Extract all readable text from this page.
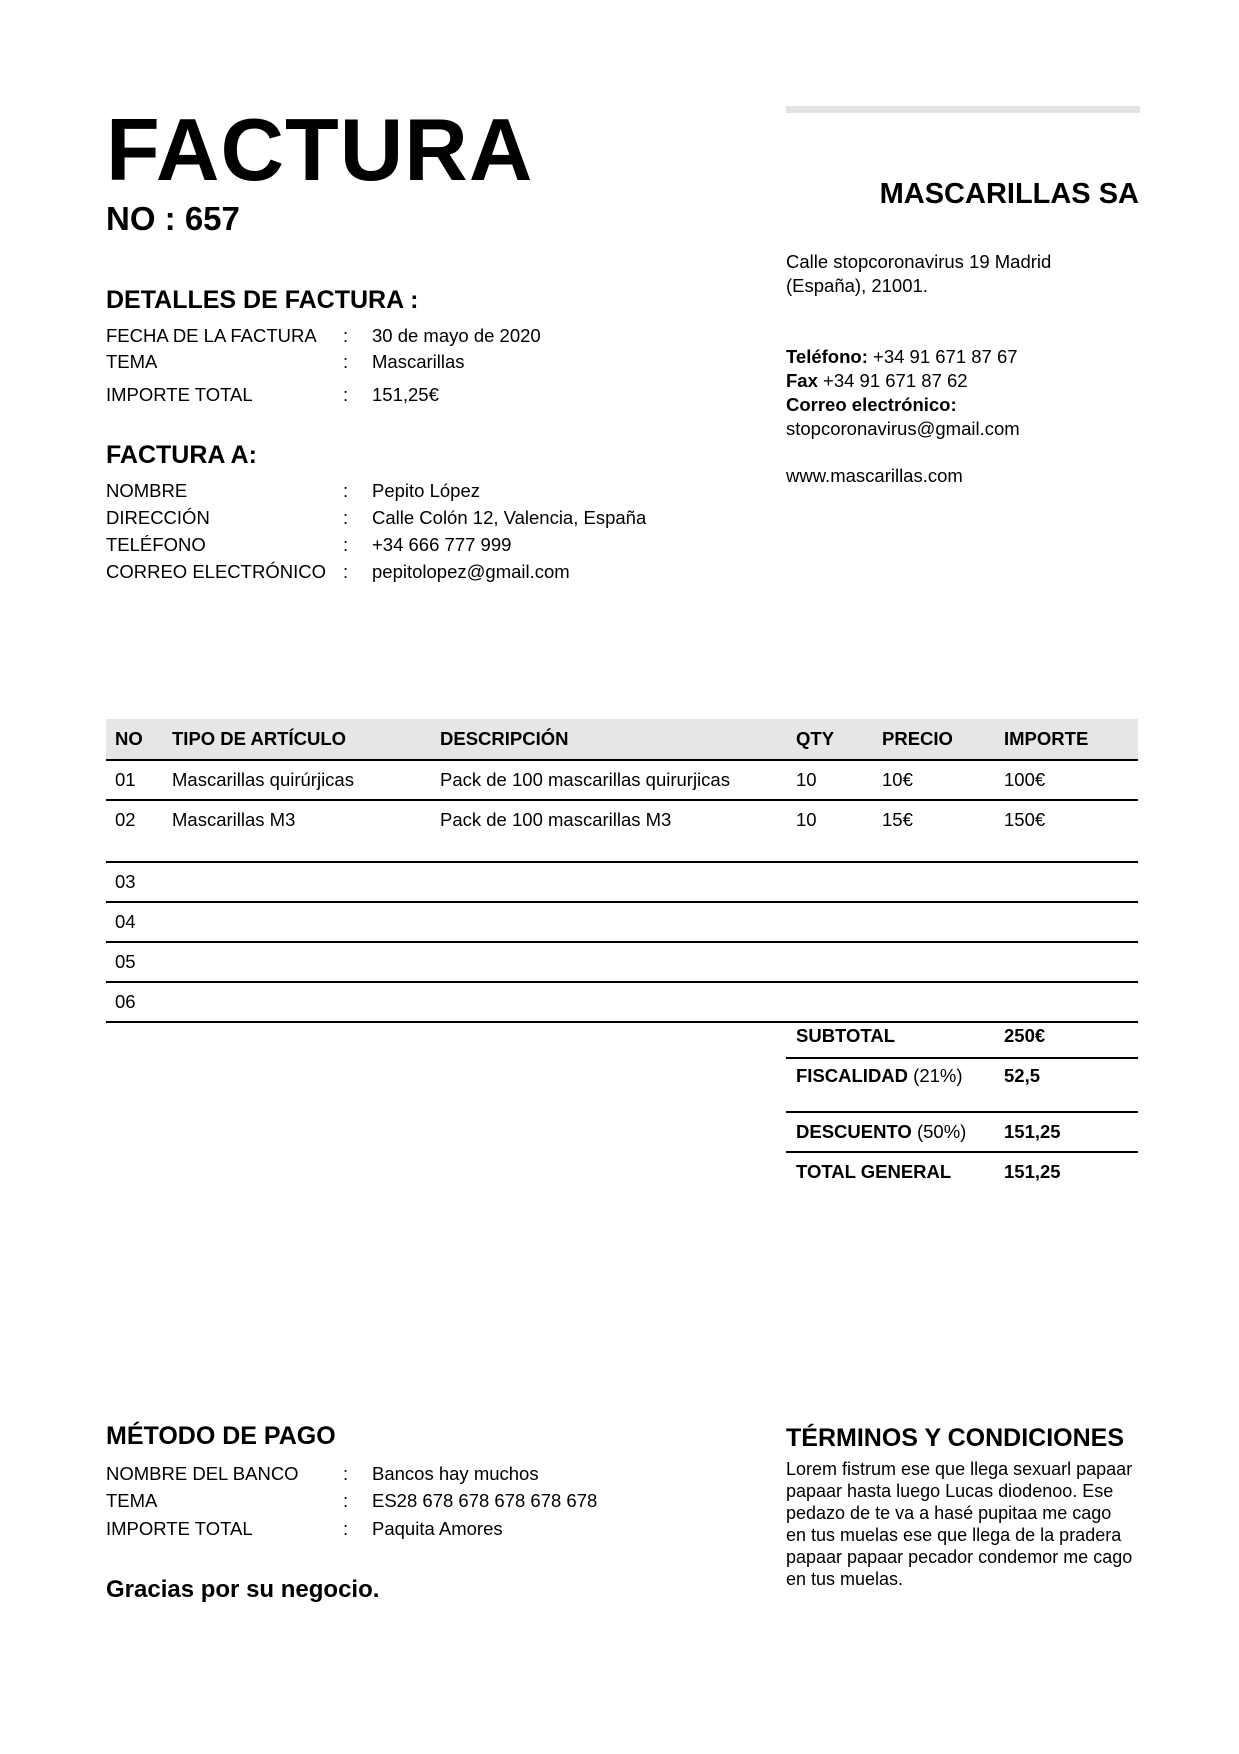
FACTURA
NO : 657
MASCARILLAS SA
Calle stopcoronavirus 19 Madrid
(España), 21001.
Teléfono: +34 91 671 87 67
Fax +34 91 671 87 62
Correo electrónico:
stopcoronavirus@gmail.com
www.mascarillas.com
DETALLES DE FACTURA :
FECHA DE LA FACTURA : 30 de mayo de 2020
TEMA	: Mascarillas
IMPORTE TOTAL	: 151,25€
FACTURA A:
NOMBRE	: Pepito López
DIRECCIÓN	: Calle Colón 12, Valencia, España
TELÉFONO	: +34 666 777 999
CORREO ELECTRÓNICO : pepitolopez@gmail.com
NO	TIPO DE ARTÍCULO	DESCRIPCIÓN	QTY	PRECIO	IMPORTE
01	Mascarillas quirúrjicas	Pack de 100 mascarillas quirurjicas	10	10€	100€
02	Mascarillas M3	Pack de 100 mascarillas M3	10	15€	150€
03					
04					
05					
06					
SUBTOTAL	250€
FISCALIDAD (21%) 52,5
DESCUENTO (50%) 151,25
TOTAL GENERAL	151,25
MÉTODO DE PAGO
NOMBRE DEL BANCO : Bancos hay muchos
TEMA	: ES28 678 678 678 678 678
IMPORTE TOTAL	: Paquita Amores
Gracias por su negocio.
TÉRMINOS Y CONDICIONES
Lorem fistrum ese que llega sexuarl papaar papaar hasta luego Lucas diodenoo. Ese pedazo de te va a hasé pupitaa me cago en tus muelas ese que llega de la pradera papaar papaar pecador condemor me cago en tus muelas.
